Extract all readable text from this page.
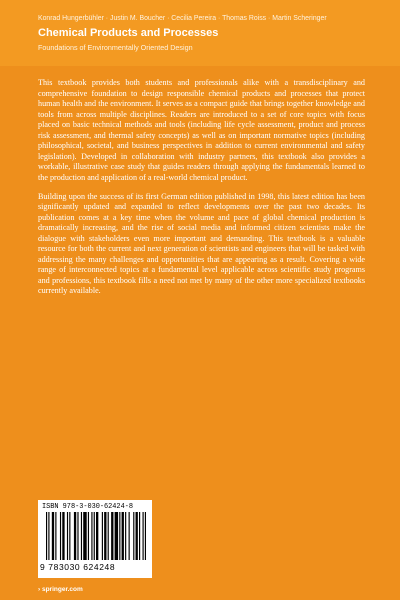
Konrad Hungerbühler · Justin M. Boucher · Cecilia Pereira · Thomas Roiss · Martin Scheringer
Chemical Products and Processes
Foundations of Environmentally Oriented Design

This textbook provides both students and professionals alike with a transdisciplinary and comprehensive foundation to design responsible chemical products and processes that protect human health and the environment. It serves as a compact guide that brings together knowledge and tools from across multiple disciplines. Readers are introduced to a set of core topics with focus placed on basic technical methods and tools (including life cycle assessment, product and process risk assessment, and thermal safety concepts) as well as on important normative topics (including philosophical, societal, and business perspectives in addition to current environmental and safety legislation). Developed in collaboration with industry partners, this textbook also provides a workable, illustrative case study that guides readers through applying the fundamentals learned to the production and application of a real-world chemical product.

Building upon the success of its first German edition published in 1998, this latest edition has been significantly updated and expanded to reflect developments over the past two decades. Its publication comes at a key time when the volume and pace of global chemical production is dramatically increasing, and the rise of social media and informed citizen scientists make the dialogue with stakeholders even more important and demanding. This textbook is a valuable resource for both the current and next generation of scientists and engineers that will be tasked with addressing the many challenges and opportunities that are appearing as a result. Covering a wide range of interconnected topics at a fundamental level applicable across scientific study programs and professions, this textbook fills a need not met by many of the other more specialized textbooks currently available.

ISBN 978-3-030-62424-8
9 783030 624248
› springer.com
